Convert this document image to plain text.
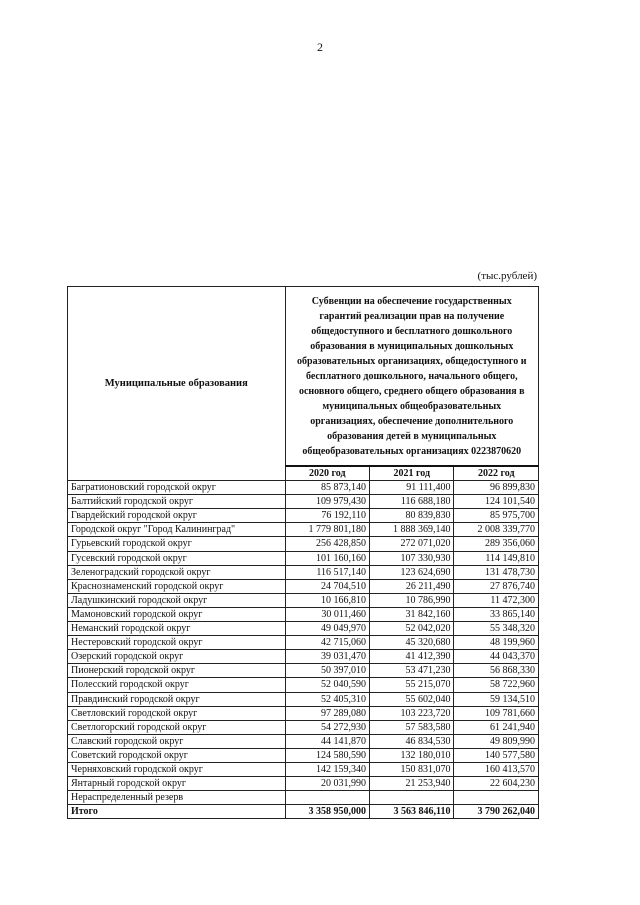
2
(тыс.рублей)
Муниципальные образования	Субвенции на обеспечение государственных гарантий реализации прав на получение общедоступного и бесплатного дошкольного образования в муниципальных дошкольных образовательных организациях, общедоступного и бесплатного дошкольного, начального общего, основного общего, среднего общего образования в муниципальных общеобразовательных организациях, обеспечение дополнительного образования детей в муниципальных общеобразовательных организациях 0223870620		
	2020 год	2021 год	2022 год
Багратионовский городской округ	85 873,140	91 111,400	96 899,830
Балтийский городской округ	109 979,430	116 688,180	124 101,540
Гвардейский городской округ	76 192,110	80 839,830	85 975,700
Городской округ "Город Калининград"	1 779 801,180	1 888 369,140	2 008 339,770
Гурьевский городской округ	256 428,850	272 071,020	289 356,060
Гусевский городской округ	101 160,160	107 330,930	114 149,810
Зеленоградский городской округ	116 517,140	123 624,690	131 478,730
Краснознаменский городской округ	24 704,510	26 211,490	27 876,740
Ладушкинский городской округ	10 166,810	10 786,990	11 472,300
Мамоновский городской округ	30 011,460	31 842,160	33 865,140
Неманский городской округ	49 049,970	52 042,020	55 348,320
Нестеровский городской округ	42 715,060	45 320,680	48 199,960
Озерский городской округ	39 031,470	41 412,390	44 043,370
Пионерский городской округ	50 397,010	53 471,230	56 868,330
Полесский городской округ	52 040,590	55 215,070	58 722,960
Правдинский городской округ	52 405,310	55 602,040	59 134,510
Светловский городской округ	97 289,080	103 223,720	109 781,660
Светлогорский городской округ	54 272,930	57 583,580	61 241,940
Славский городской округ	44 141,870	46 834,530	49 809,990
Советский городской округ	124 580,590	132 180,010	140 577,580
Черняховский городской округ	142 159,340	150 831,070	160 413,570
Янтарный городской округ	20 031,990	21 253,940	22 604,230
Нераспределенный резерв			
Итого	3 358 950,000	3 563 846,110	3 790 262,040
